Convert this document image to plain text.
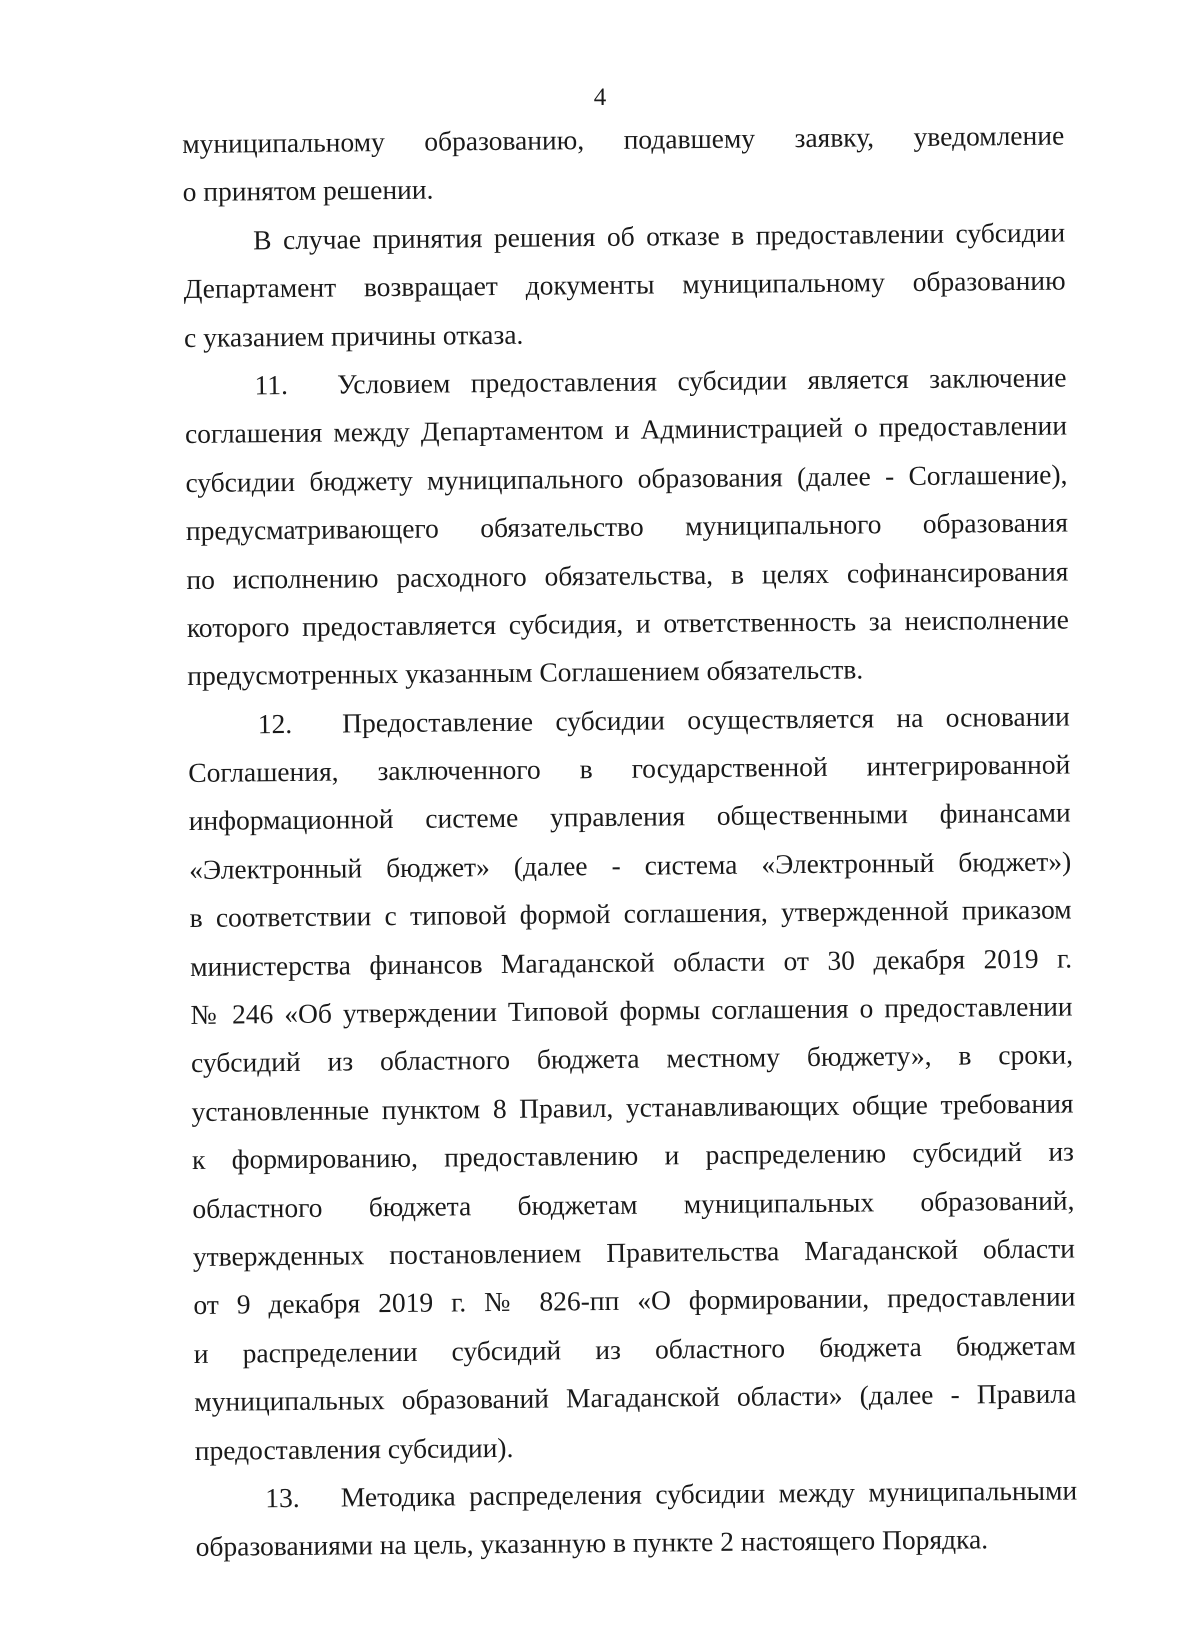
4

муниципальному образованию, подавшему заявку, уведомление
о принятом решении.

В случае принятия решения об отказе в предоставлении субсидии
Департамент возвращает документы муниципальному образованию
с указанием причины отказа.

11. Условием предоставления субсидии является заключение
соглашения между Департаментом и Администрацией о предоставлении
субсидии бюджету муниципального образования (далее - Соглашение),
предусматривающего обязательство муниципального образования
по исполнению расходного обязательства, в целях софинансирования
которого предоставляется субсидия, и ответственность за неисполнение
предусмотренных указанным Соглашением обязательств.

12. Предоставление субсидии осуществляется на основании
Соглашения, заключенного в государственной интегрированной
информационной системе управления общественными финансами
«Электронный бюджет» (далее - система «Электронный бюджет»)
в соответствии с типовой формой соглашения, утвержденной приказом
министерства финансов Магаданской области от 30 декабря 2019 г.
№ 246 «Об утверждении Типовой формы соглашения о предоставлении
субсидий из областного бюджета местному бюджету», в сроки,
установленные пунктом 8 Правил, устанавливающих общие требования
к формированию, предоставлению и распределению субсидий из
областного бюджета бюджетам муниципальных образований,
утвержденных постановлением Правительства Магаданской области
от 9 декабря 2019 г. № 826-пп «О формировании, предоставлении
и распределении субсидий из областного бюджета бюджетам
муниципальных образований Магаданской области» (далее - Правила
предоставления субсидии).

13. Методика распределения субсидии между муниципальными
образованиями на цель, указанную в пункте 2 настоящего Порядка.
